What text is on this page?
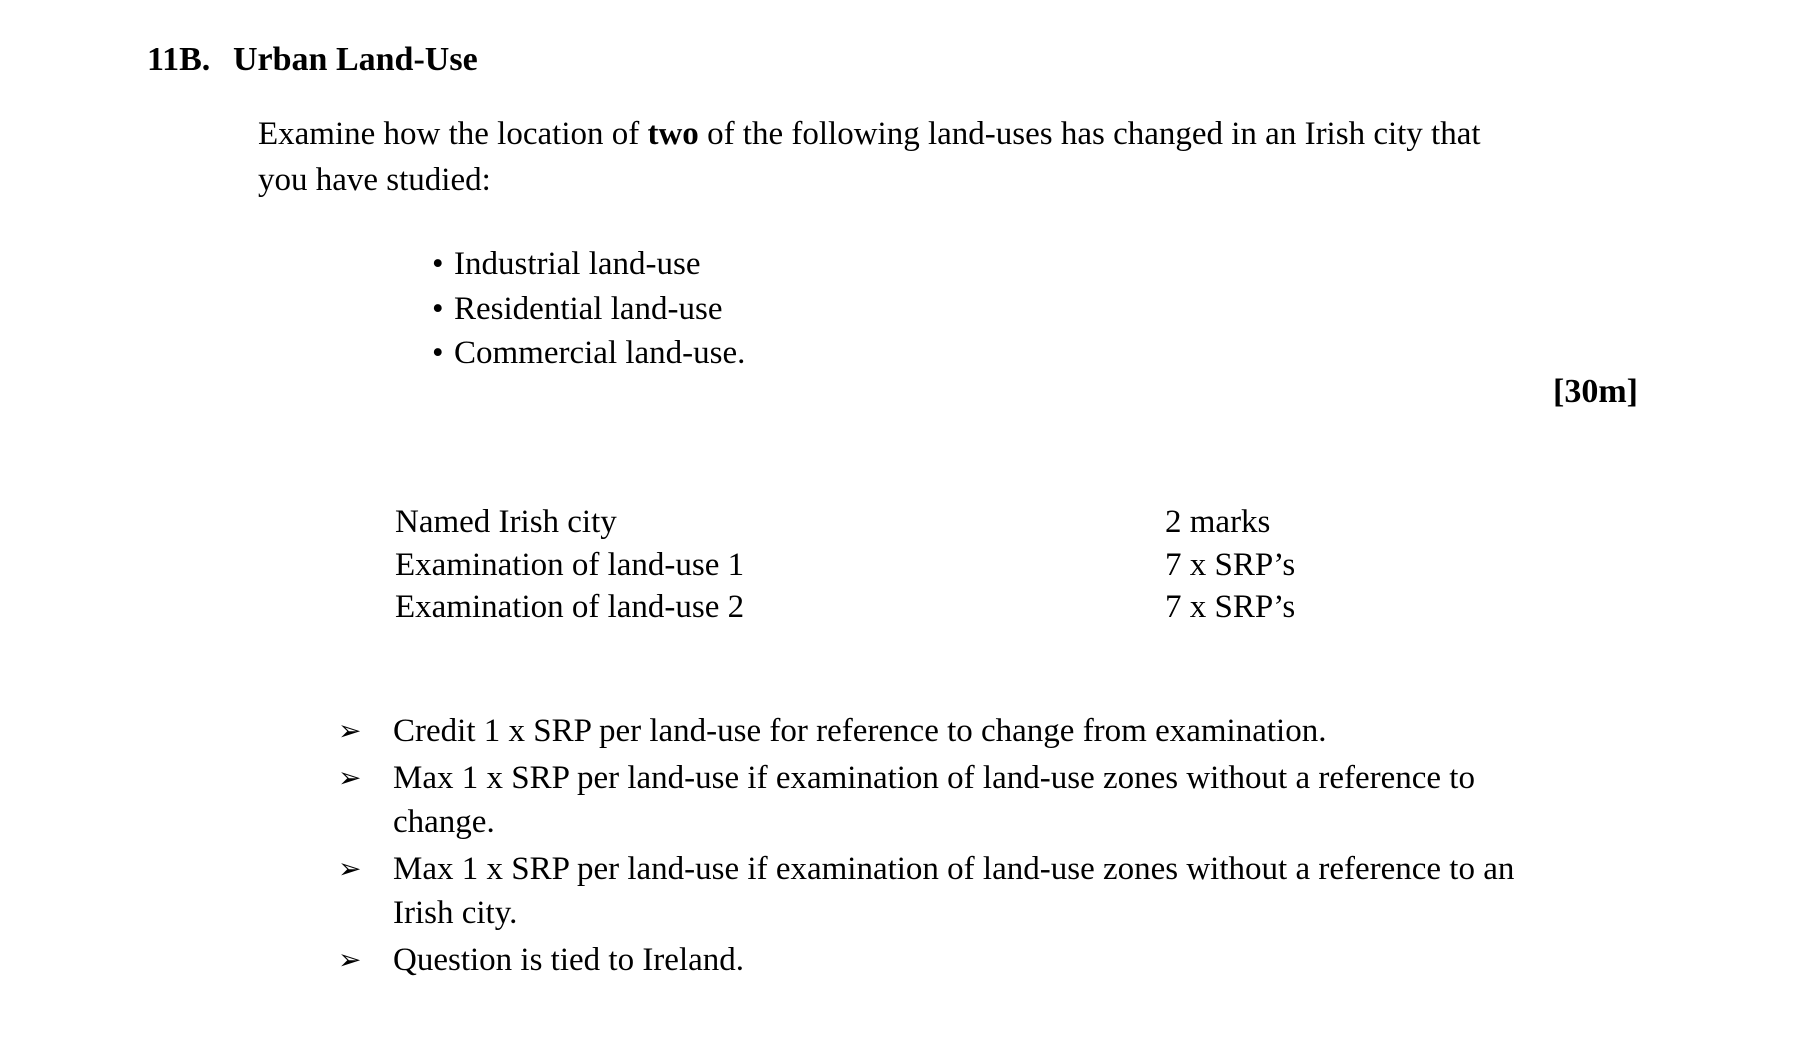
11B. Urban Land-Use
Examine how the location of two of the following land-uses has changed in an Irish city that
you have studied:
• Industrial land-use
• Residential land-use
• Commercial land-use.
[30m]
Named Irish city	2 marks
Examination of land-use 1	7 x SRP’s
Examination of land-use 2	7 x SRP’s
➢ Credit 1 x SRP per land-use for reference to change from examination.
➢ Max 1 x SRP per land-use if examination of land-use zones without a reference to
change.
➢ Max 1 x SRP per land-use if examination of land-use zones without a reference to an
Irish city.
➢ Question is tied to Ireland.
